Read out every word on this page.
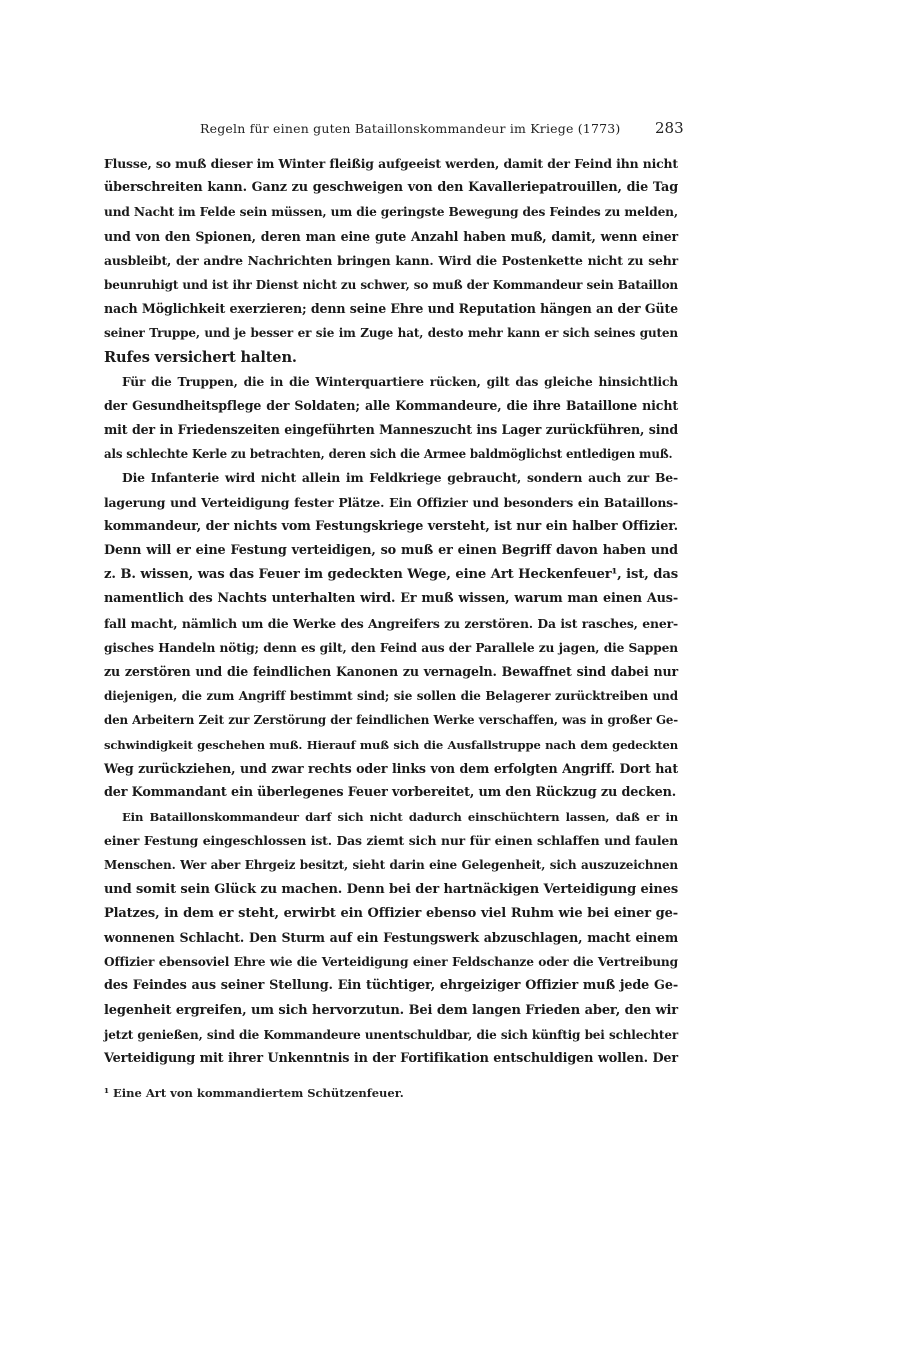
Regeln für einen guten Bataillonskommandeur im Kriege (1773) 283
Flusse, so muß dieser im Winter fleißig aufgeeist werden, damit der Feind ihn nicht
überschreiten kann. Ganz zu geschweigen von den Kavalleriepatrouillen, die Tag
und Nacht im Felde sein müssen, um die geringste Bewegung des Feindes zu melden,
und von den Spionen, deren man eine gute Anzahl haben muß, damit, wenn einer
ausbleibt, der andre Nachrichten bringen kann. Wird die Postenkette nicht zu sehr
beunruhigt und ist ihr Dienst nicht zu schwer, so muß der Kommandeur sein Bataillon
nach Möglichkeit exerzieren; denn seine Ehre und Reputation hängen an der Güte
seiner Truppe, und je besser er sie im Zuge hat, desto mehr kann er sich seines guten
Rufes versichert halten.
Für die Truppen, die in die Winterquartiere rücken, gilt das gleiche hinsichtlich
der Gesundheitspflege der Soldaten; alle Kommandeure, die ihre Bataillone nicht
mit der in Friedenszeiten eingeführten Manneszucht ins Lager zurückführen, sind
als schlechte Kerle zu betrachten, deren sich die Armee baldmöglichst entledigen muß.
Die Infanterie wird nicht allein im Feldkriege gebraucht, sondern auch zur Be-
lagerung und Verteidigung fester Plätze. Ein Offizier und besonders ein Bataillons-
kommandeur, der nichts vom Festungskriege versteht, ist nur ein halber Offizier.
Denn will er eine Festung verteidigen, so muß er einen Begriff davon haben und
z. B. wissen, was das Feuer im gedeckten Wege, eine Art Heckenfeuer¹, ist, das
namentlich des Nachts unterhalten wird. Er muß wissen, warum man einen Aus-
fall macht, nämlich um die Werke des Angreifers zu zerstören. Da ist rasches, ener-
gisches Handeln nötig; denn es gilt, den Feind aus der Parallele zu jagen, die Sappen
zu zerstören und die feindlichen Kanonen zu vernageln. Bewaffnet sind dabei nur
diejenigen, die zum Angriff bestimmt sind; sie sollen die Belagerer zurücktreiben und
den Arbeitern Zeit zur Zerstörung der feindlichen Werke verschaffen, was in großer Ge-
schwindigkeit geschehen muß. Hierauf muß sich die Ausfallstruppe nach dem gedeckten
Weg zurückziehen, und zwar rechts oder links von dem erfolgten Angriff. Dort hat
der Kommandant ein überlegenes Feuer vorbereitet, um den Rückzug zu decken.
Ein Bataillonskommandeur darf sich nicht dadurch einschüchtern lassen, daß er in
einer Festung eingeschlossen ist. Das ziemt sich nur für einen schlaffen und faulen
Menschen. Wer aber Ehrgeiz besitzt, sieht darin eine Gelegenheit, sich auszuzeichnen
und somit sein Glück zu machen. Denn bei der hartnäckigen Verteidigung eines
Platzes, in dem er steht, erwirbt ein Offizier ebenso viel Ruhm wie bei einer ge-
wonnenen Schlacht. Den Sturm auf ein Festungswerk abzuschlagen, macht einem
Offizier ebensoviel Ehre wie die Verteidigung einer Feldschanze oder die Vertreibung
des Feindes aus seiner Stellung. Ein tüchtiger, ehrgeiziger Offizier muß jede Ge-
legenheit ergreifen, um sich hervorzutun. Bei dem langen Frieden aber, den wir
jetzt genießen, sind die Kommandeure unentschuldbar, die sich künftig bei schlechter
Verteidigung mit ihrer Unkenntnis in der Fortifikation entschuldigen wollen. Der
¹ Eine Art von kommandiertem Schützenfeuer.
